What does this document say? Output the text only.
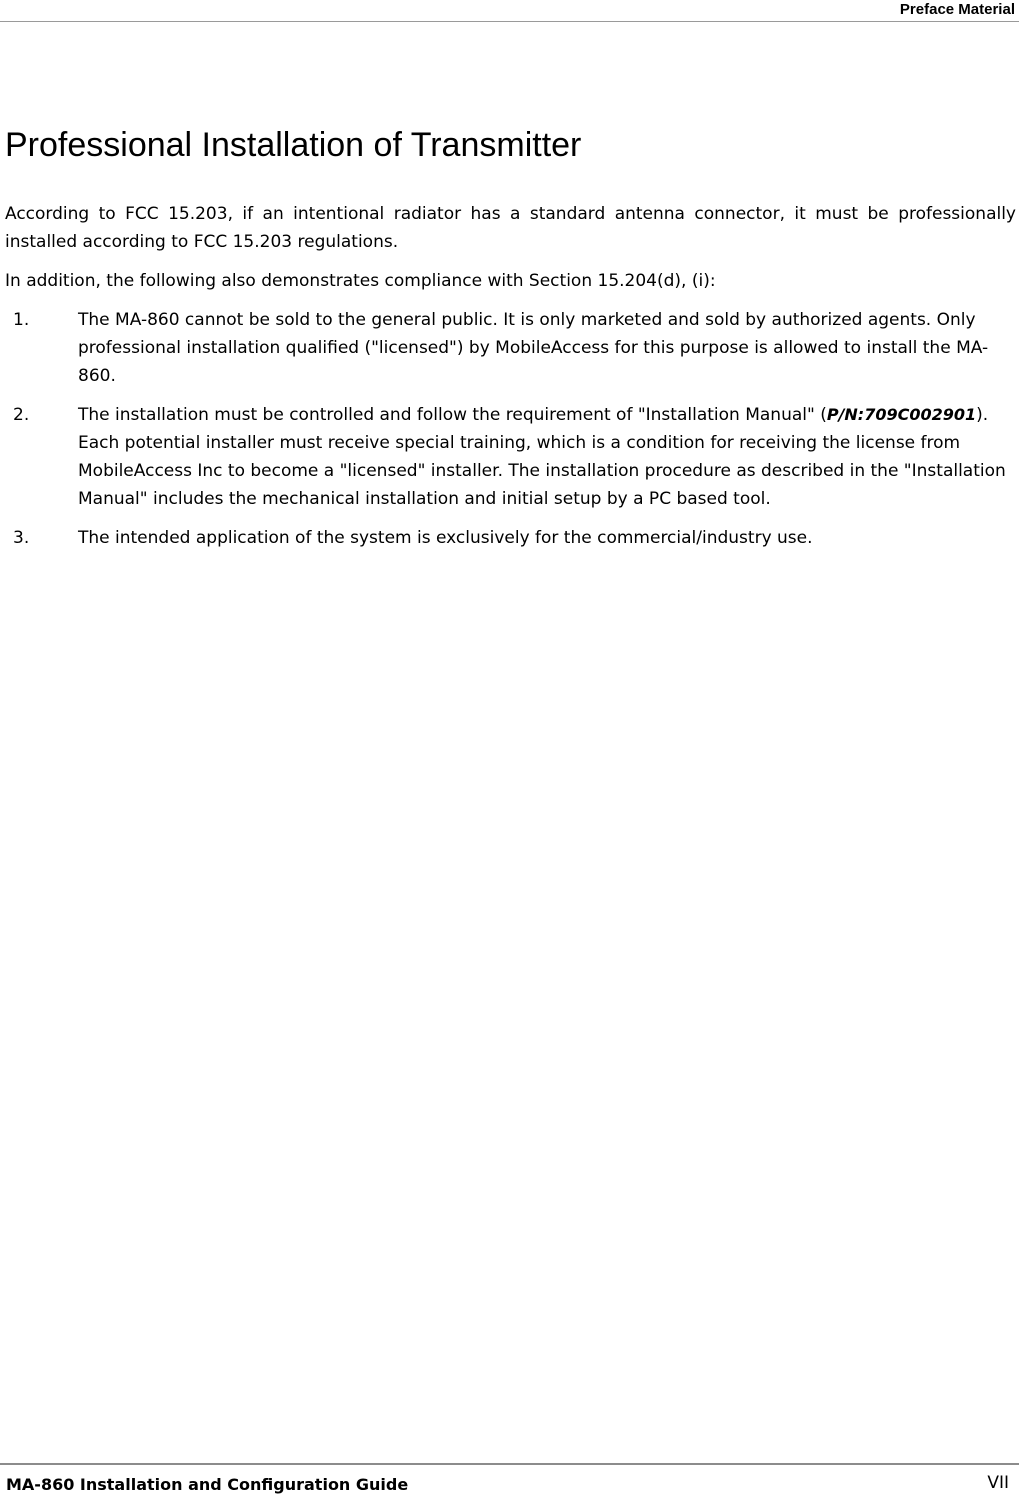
Preface Material
Professional Installation of Transmitter

According to FCC 15.203, if an intentional radiator has a standard antenna connector, it must be professionally installed according to FCC 15.203 regulations.

In addition, the following also demonstrates compliance with Section 15.204(d), (i):

1.	The MA-860 cannot be sold to the general public. It is only marketed and sold by authorized agents. Only professional installation qualified ("licensed") by MobileAccess for this purpose is allowed to install the MA-860.
2.	The installation must be controlled and follow the requirement of "Installation Manual" (P/N:709C002901). Each potential installer must receive special training, which is a condition for receiving the license from MobileAccess Inc to become a "licensed" installer. The installation procedure as described in the "Installation Manual" includes the mechanical installation and initial setup by a PC based tool.
3.	The intended application of the system is exclusively for the commercial/industry use.
MA-860 Installation and Configuration Guide	VII
